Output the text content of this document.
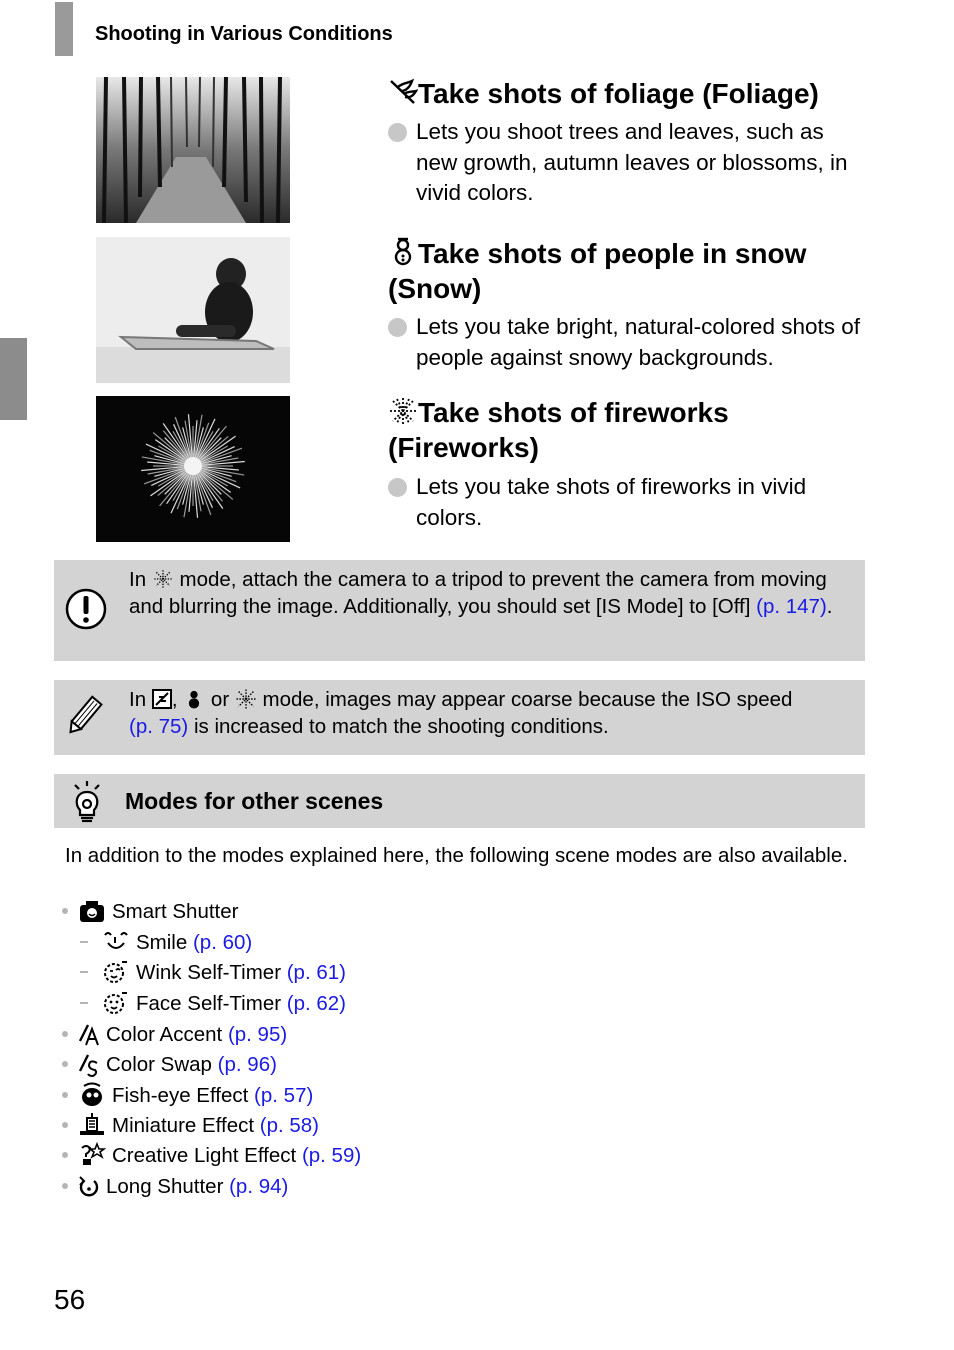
Shooting in Various Conditions
Take shots of foliage (Foliage)
Lets you shoot trees and leaves, such as new growth, autumn leaves or blossoms, in vivid colors.
Take shots of people in snow (Snow)
Lets you take bright, natural-colored shots of people against snowy backgrounds.
Take shots of fireworks (Fireworks)
Lets you take shots of fireworks in vivid colors.
In  mode, attach the camera to a tripod to prevent the camera from moving and blurring the image. Additionally, you should set [IS Mode] to [Off] (p. 147).
In ,  or  mode, images may appear coarse because the ISO speed
(p. 75) is increased to match the shooting conditions.
Modes for other scenes
In addition to the modes explained here, the following scene modes are also available.
Smart Shutter
Smile (p. 60)
Wink Self-Timer (p. 61)
Face Self-Timer (p. 62)
Color Accent (p. 95)
Color Swap (p. 96)
Fish-eye Effect (p. 57)
Miniature Effect (p. 58)
Creative Light Effect (p. 59)
Long Shutter (p. 94)
56
